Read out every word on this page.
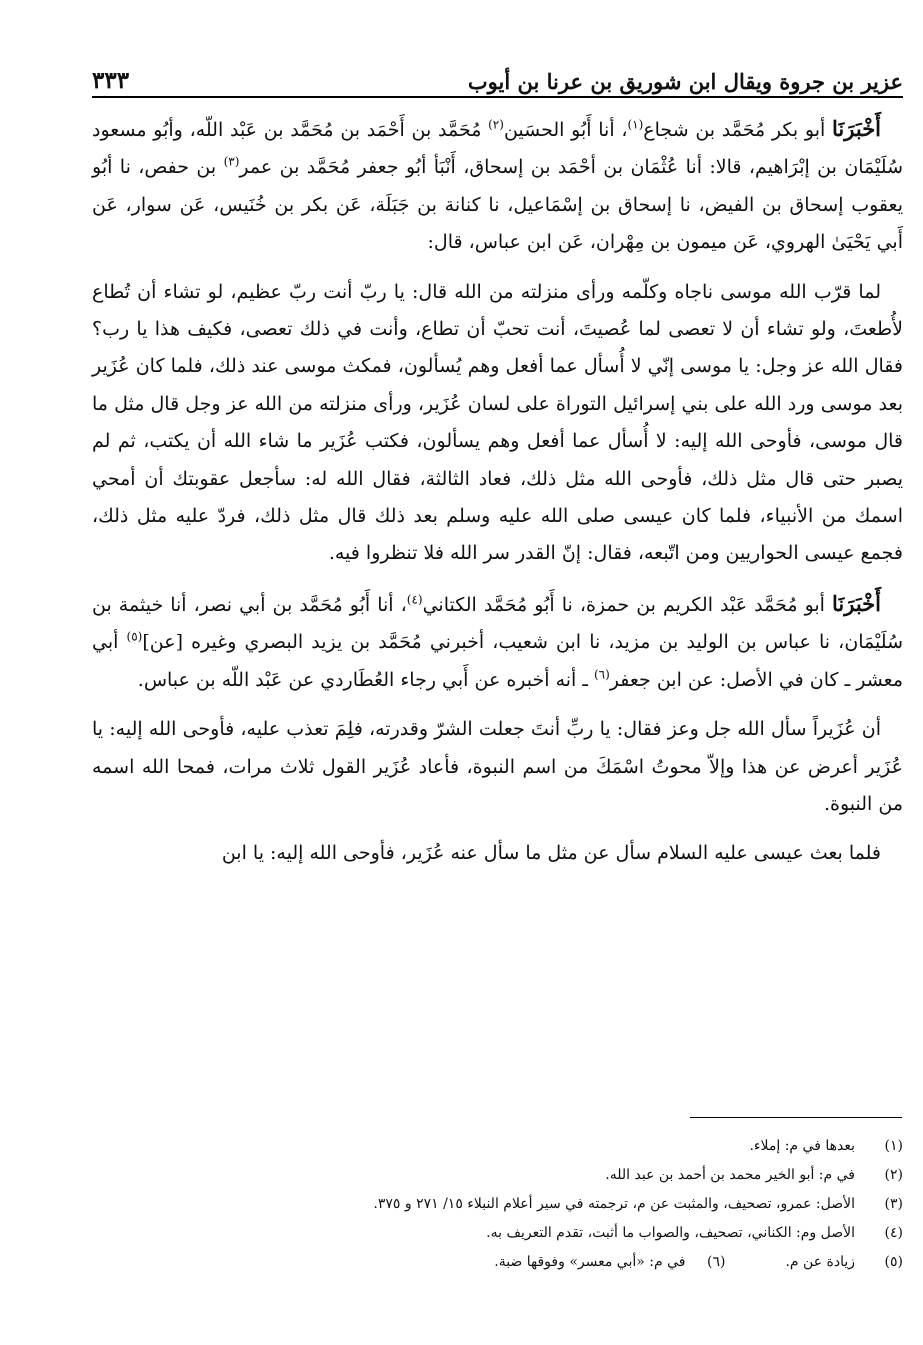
عزير بن جروة ويقال ابن شوريق بن عرنا بن أيوب
٣٣٣

أَخْبَرَنَا أبو بكر مُحَمَّد بن شجاع$^{(١)}$، أنا أَبُو الحسَين$^{(٢)}$ مُحَمَّد بن أَحْمَد بن مُحَمَّد بن عَبْد اللّه، وأبُو مسعود سُلَيْمَان بن إبْرَاهيم، قالا: أنا عُثْمَان بن أحْمَد بن إسحاق، أَنْبَأ أبُو جعفر مُحَمَّد بن عمر$^{(٣)}$ بن حفص، نا أبُو يعقوب إسحاق بن الفيض، نا إسحاق بن إسْمَاعيل، نا كنانة بن جَبَلَة، عَن بكر بن خُنَيس، عَن سوار، عَن أَبي يَحْيَىٰ الهروي، عَن ميمون بن مِهْران، عَن ابن عباس، قال:

لما قرّب الله موسى ناجاه وكلّمه ورأى منزلته من الله قال: يا ربّ أنت ربّ عظيم، لو تشاء أن تُطاع لأُطعتَ، ولو تشاء أن لا تعصى لما عُصيتَ، أنت تحبّ أن تطاع، وأنت في ذلك تعصى، فكيف هذا يا رب؟ فقال الله عز وجل: يا موسى إنّي لا أُسأل عما أفعل وهم يُسألون، فمكث موسى عند ذلك، فلما كان عُزَير بعد موسى ورد الله على بني إسرائيل التوراة على لسان عُزَير، ورأى منزلته من الله عز وجل قال مثل ما قال موسى، فأوحى الله إليه: لا أُسأل عما أفعل وهم يسألون، فكتب عُزَير ما شاء الله أن يكتب، ثم لم يصبر حتى قال مثل ذلك، فأوحى الله مثل ذلك، فعاد الثالثة، فقال الله له: سأجعل عقوبتك أن أمحي اسمك من الأنبياء، فلما كان عيسى صلى الله عليه وسلم بعد ذلك قال مثل ذلك، فردّ عليه مثل ذلك، فجمع عيسى الحواريين ومن اتّبعه، فقال: إنّ القدر سر الله فلا تنظروا فيه.

أَخْبَرَنَا أبو مُحَمَّد عَبْد الكريم بن حمزة، نا أَبُو مُحَمَّد الكتاني$^{(٤)}$، أنا أَبُو مُحَمَّد بن أبي نصر، أنا خيثمة بن سُلَيْمَان، نا عباس بن الوليد بن مزيد، نا ابن شعيب، أخبرني مُحَمَّد بن يزيد البصري وغيره [عن]$^{(٥)}$ أبي معشر ـ كان في الأصل: عن ابن جعفر$^{(٦)}$ ـ أنه أخبره عن أَبي رجاء العُطَاردي عن عَبْد اللّه بن عباس.

أن عُزَيراً سأل الله جل وعز فقال: يا ربِّ أنتَ جعلت الشرّ وقدرته، فلِمَ تعذب عليه، فأوحى الله إليه: يا عُزَير أعرض عن هذا وإلاّ محوتُ اسْمَكَ من اسم النبوة، فأعاد عُزَير القول ثلاث مرات، فمحا الله اسمه من النبوة.

فلما بعث عيسى عليه السلام سأل عن مثل ما سأل عنه عُزَير، فأوحى الله إليه: يا ابن

(١)
بعدها في م: إملاء.
(٢)
في م: أبو الخير محمد بن أحمد بن عبد الله.
(٣)
الأصل: عمرو، تصحيف، والمثبت عن م، ترجمته في سير أعلام النبلاء ١٥/ ٢٧١ و ٣٧٥.
(٤)
الأصل وم: الكناني، تصحيف، والصواب ما أثبت، تقدم التعريف به.
(٥)
زيادة عن م.
(٦)
في م: «أبي معسر» وفوقها ضبة.
